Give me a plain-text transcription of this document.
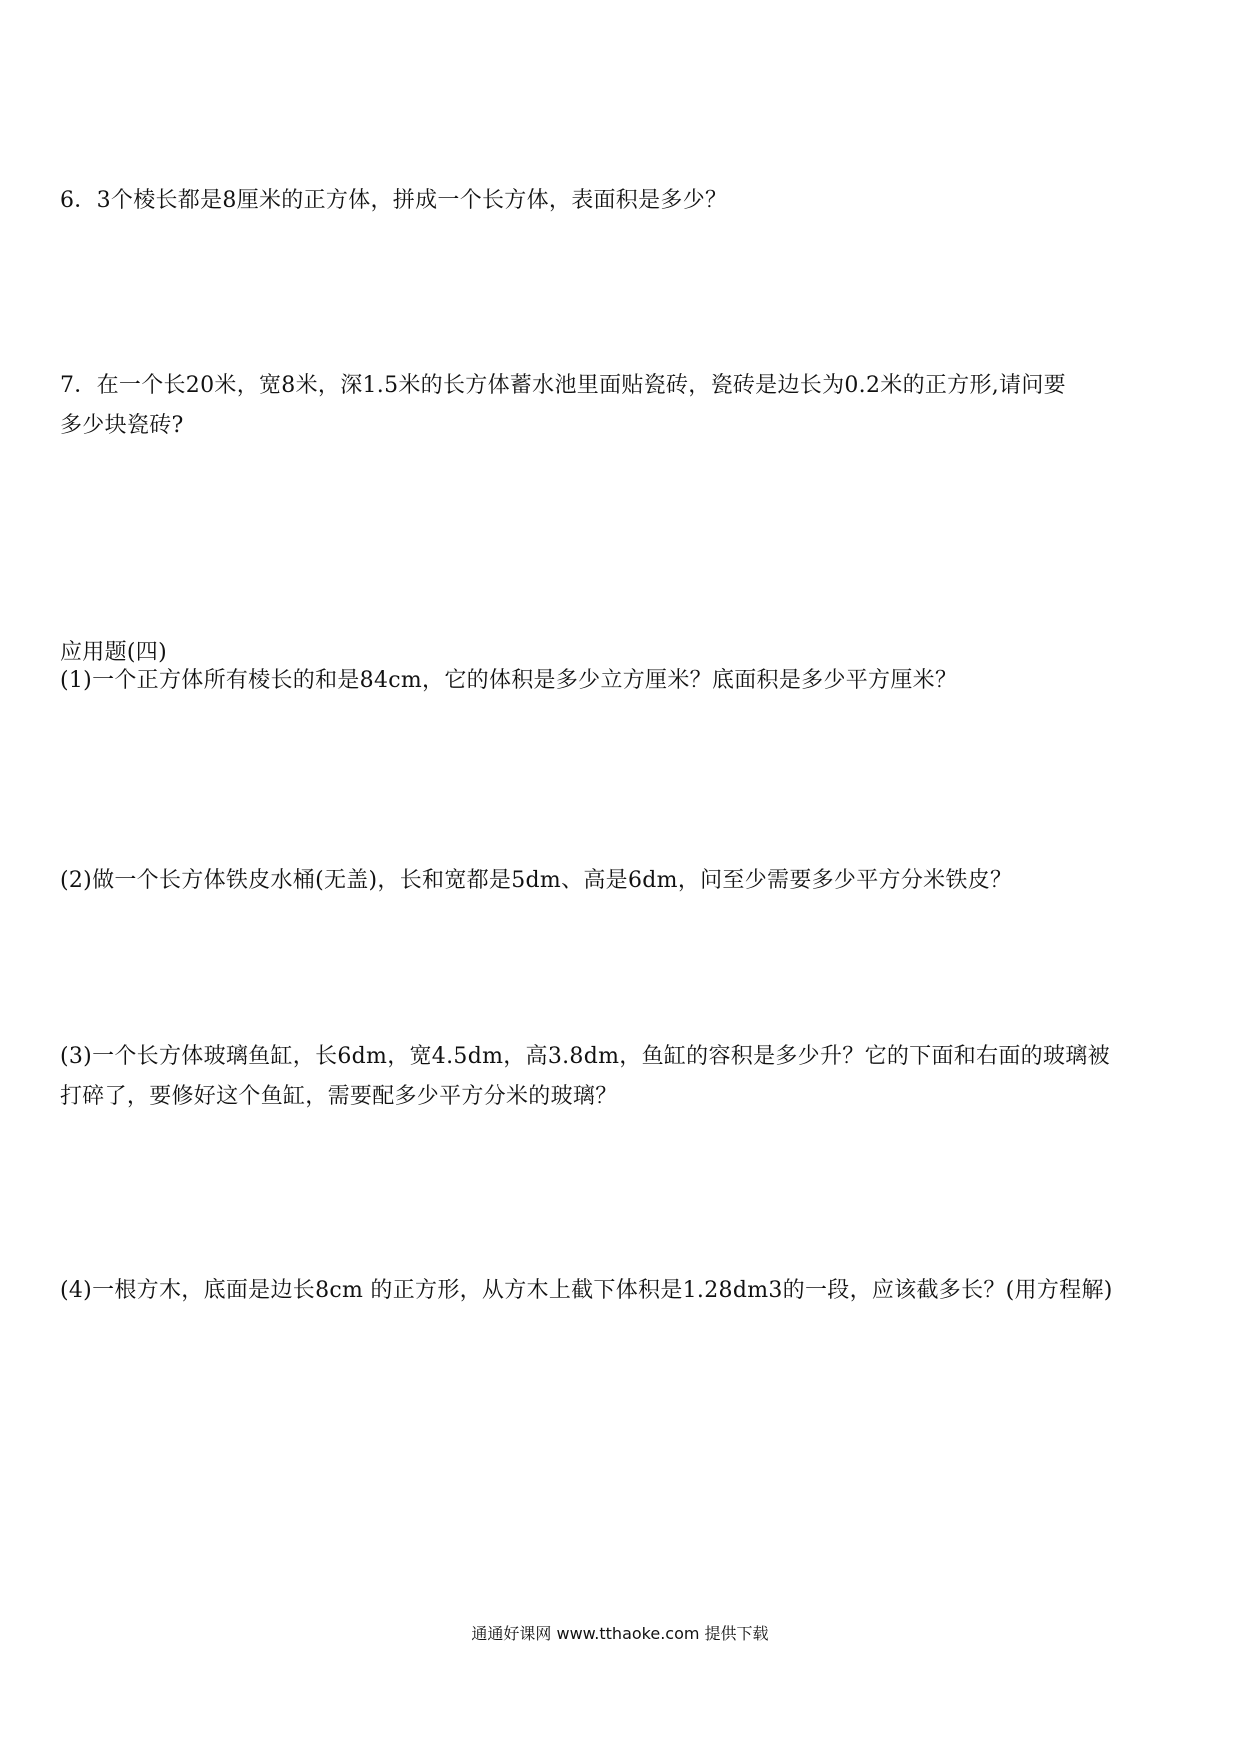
6．3个棱长都是8厘米的正方体，拼成一个长方体，表面积是多少？
7．在一个长20米，宽8米，深1.5米的长方体蓄水池里面贴瓷砖，瓷砖是边长为0.2米的正方形,请问要
多少块瓷砖?
应用题(四)
(1)一个正方体所有棱长的和是84cm，它的体积是多少立方厘米？底面积是多少平方厘米？
(2)做一个长方体铁皮水桶(无盖)，长和宽都是5dm、高是6dm，问至少需要多少平方分米铁皮？
(3)一个长方体玻璃鱼缸，长6dm，宽4.5dm，高3.8dm，鱼缸的容积是多少升？它的下面和右面的玻璃被
打碎了，要修好这个鱼缸，需要配多少平方分米的玻璃？
(4)一根方木，底面是边长8cm 的正方形，从方木上截下体积是1.28dm3的一段，应该截多长？(用方程解)
通通好课网 www.tthaoke.com 提供下载
